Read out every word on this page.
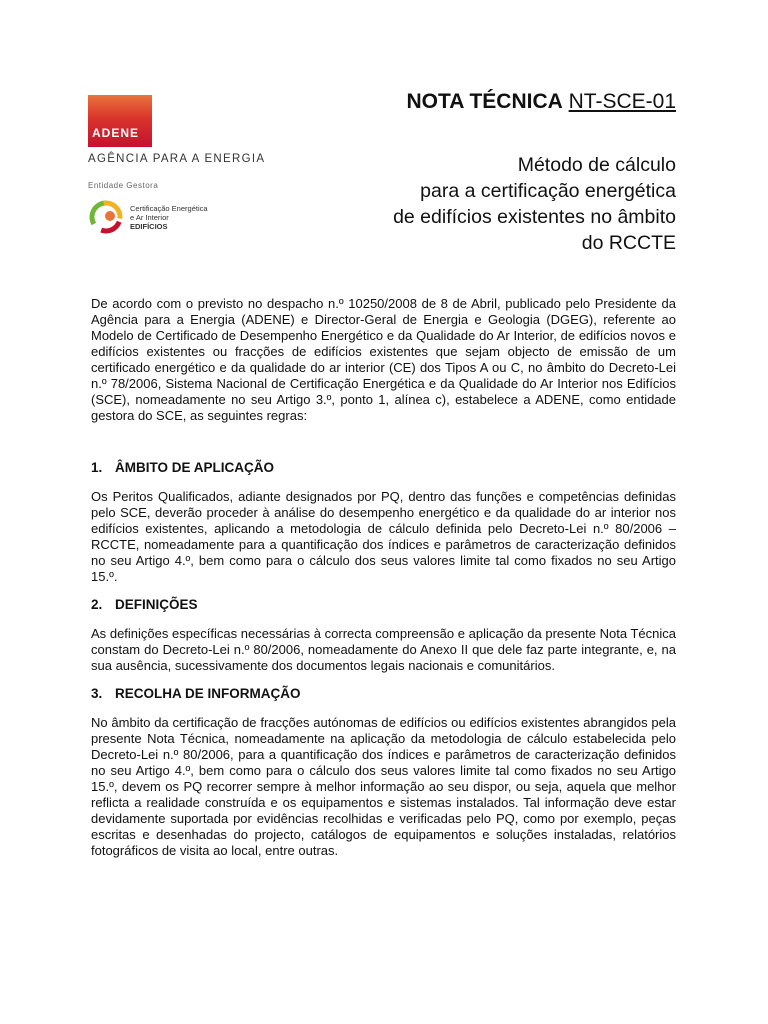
ADENE
AGÊNCIA PARA A ENERGIA
Entidade Gestora
Certificação Energética
e Ar Interior
EDIFÍCIOS
NOTA TÉCNICA NT-SCE-01
Método de cálculo
para a certificação energética
de edifícios existentes no âmbito
do RCCTE

De acordo com o previsto no despacho n.º 10250/2008 de 8 de Abril, publicado pelo Presidente da Agência para a Energia (ADENE) e Director-Geral de Energia e Geologia (DGEG), referente ao Modelo de Certificado de Desempenho Energético e da Qualidade do Ar Interior, de edifícios novos e edifícios existentes ou fracções de edifícios existentes que sejam objecto de emissão de um certificado energético e da qualidade do ar interior (CE) dos Tipos A ou C, no âmbito do Decreto-Lei n.º 78/2006, Sistema Nacional de Certificação Energética e da Qualidade do Ar Interior nos Edifícios (SCE), nomeadamente no seu Artigo 3.º, ponto 1, alínea c), estabelece a ADENE, como entidade gestora do SCE, as seguintes regras:

1. ÂMBITO DE APLICAÇÃO

Os Peritos Qualificados, adiante designados por PQ, dentro das funções e competências definidas pelo SCE, deverão proceder à análise do desempenho energético e da qualidade do ar interior nos edifícios existentes, aplicando a metodologia de cálculo definida pelo Decreto-Lei n.º 80/2006 – RCCTE, nomeadamente para a quantificação dos índices e parâmetros de caracterização definidos no seu Artigo 4.º, bem como para o cálculo dos seus valores limite tal como fixados no seu Artigo 15.º.

2. DEFINIÇÕES

As definições específicas necessárias à correcta compreensão e aplicação da presente Nota Técnica constam do Decreto-Lei n.º 80/2006, nomeadamente do Anexo II que dele faz parte integrante, e, na sua ausência, sucessivamente dos documentos legais nacionais e comunitários.

3. RECOLHA DE INFORMAÇÃO

No âmbito da certificação de fracções autónomas de edifícios ou edifícios existentes abrangidos pela presente Nota Técnica, nomeadamente na aplicação da metodologia de cálculo estabelecida pelo Decreto-Lei n.º 80/2006, para a quantificação dos índices e parâmetros de caracterização definidos no seu Artigo 4.º, bem como para o cálculo dos seus valores limite tal como fixados no seu Artigo 15.º, devem os PQ recorrer sempre à melhor informação ao seu dispor, ou seja, aquela que melhor reflicta a realidade construída e os equipamentos e sistemas instalados. Tal informação deve estar devidamente suportada por evidências recolhidas e verificadas pelo PQ, como por exemplo, peças escritas e desenhadas do projecto, catálogos de equipamentos e soluções instaladas, relatórios fotográficos de visita ao local, entre outras.
